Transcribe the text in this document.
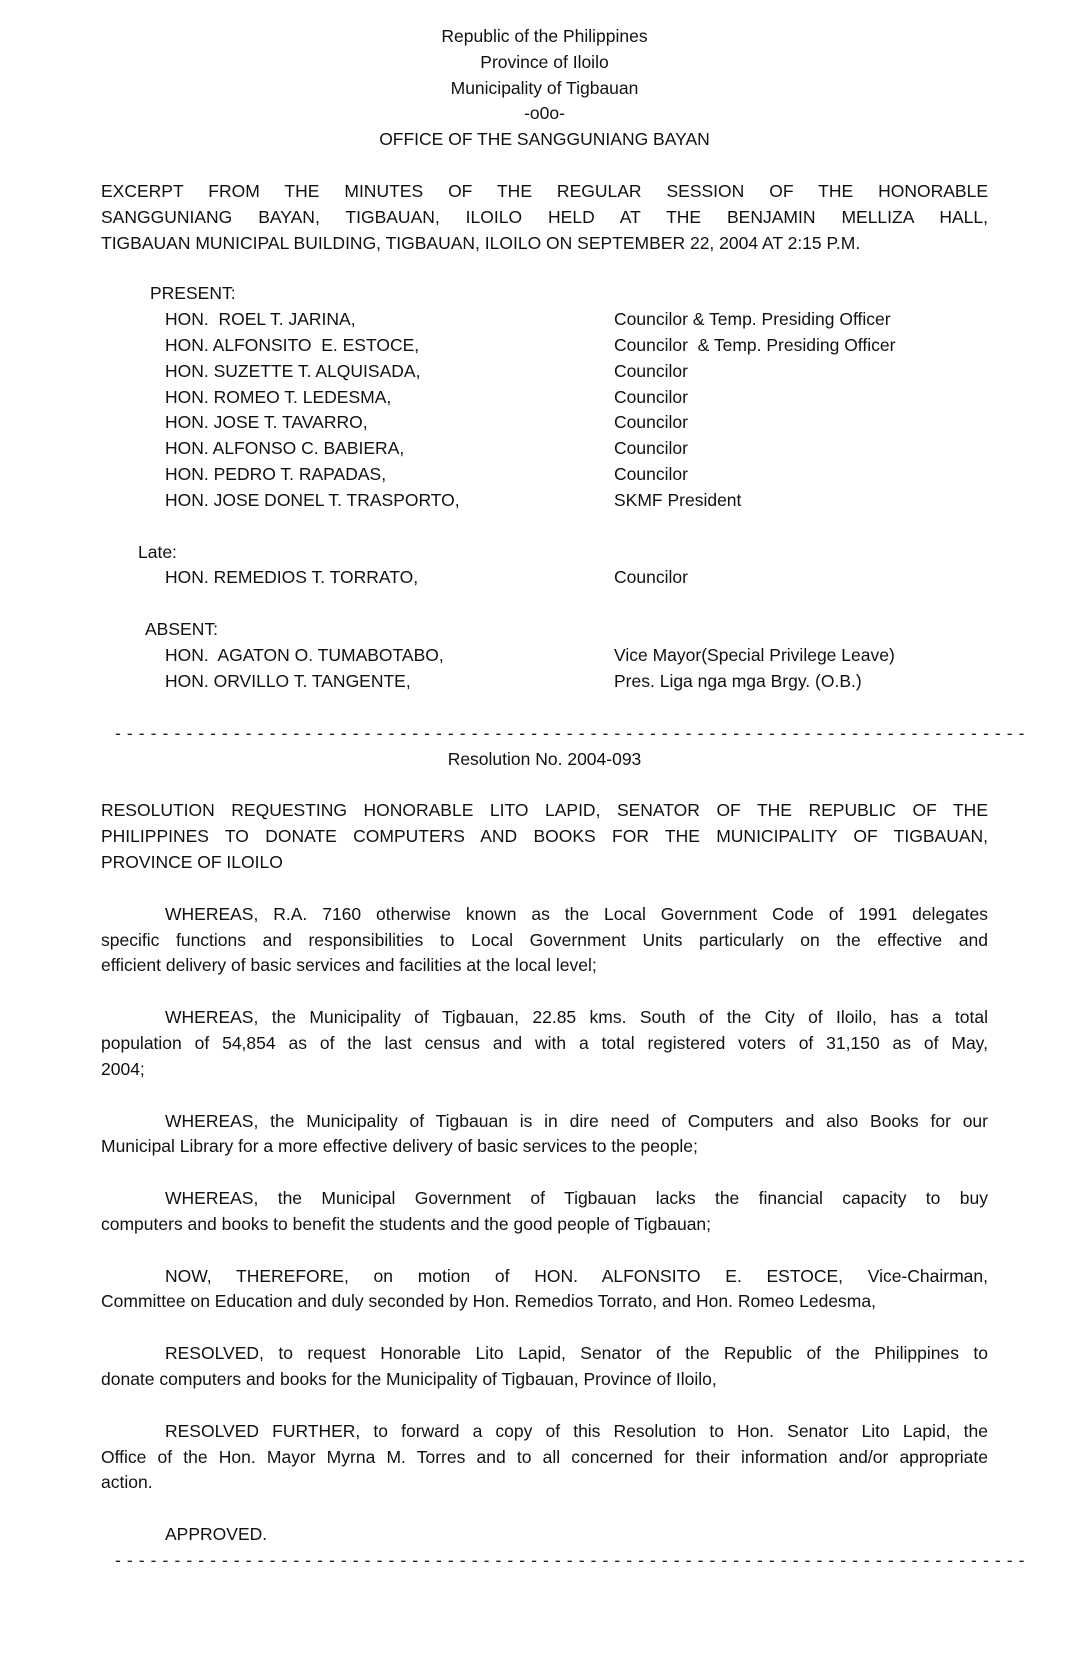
Republic of the Philippines
Province of Iloilo
Municipality of Tigbauan
-o0o-
OFFICE OF THE SANGGUNIANG BAYAN
EXCERPT FROM THE MINUTES OF THE REGULAR SESSION OF THE HONORABLE
SANGGUNIANG BAYAN, TIGBAUAN, ILOILO HELD AT THE BENJAMIN MELLIZA HALL,
TIGBAUAN MUNICIPAL BUILDING, TIGBAUAN, ILOILO ON SEPTEMBER 22, 2004 AT 2:15 P.M.
PRESENT:
HON.  ROEL T. JARINA,	Councilor & Temp. Presiding Officer
HON. ALFONSITO  E. ESTOCE,	Councilor  & Temp. Presiding Officer
HON. SUZETTE T. ALQUISADA,	Councilor
HON. ROMEO T. LEDESMA,	Councilor
HON. JOSE T. TAVARRO,	Councilor
HON. ALFONSO C. BABIERA,	Councilor
HON. PEDRO T. RAPADAS,	Councilor
HON. JOSE DONEL T. TRASPORTO,	SKMF President
Late:
HON. REMEDIOS T. TORRATO,	Councilor
ABSENT:
HON.  AGATON O. TUMABOTABO,	Vice Mayor(Special Privilege Leave)
HON. ORVILLO T. TANGENTE,	Pres. Liga nga mga Brgy. (O.B.)
- - - - - - - - - - - - - - - - - - - - - - - - - - - - - - - - - - - - - - - - - - - - - - - - - - - - - - - - - - - - - - - - - - - - - - - - - - - - -
Resolution No. 2004-093
RESOLUTION REQUESTING HONORABLE LITO LAPID, SENATOR OF THE REPUBLIC OF THE
PHILIPPINES TO DONATE COMPUTERS AND BOOKS FOR THE MUNICIPALITY OF TIGBAUAN,
PROVINCE OF ILOILO
WHEREAS, R.A. 7160 otherwise known as the Local Government Code of 1991 delegates
specific functions and responsibilities to Local Government Units particularly on the effective and
efficient delivery of basic services and facilities at the local level;
WHEREAS, the Municipality of Tigbauan, 22.85 kms. South of the City of Iloilo, has a total
population of 54,854 as of the last census and with a total registered voters of 31,150 as of May,
2004;
WHEREAS, the Municipality of Tigbauan is in dire need of Computers and also Books for our
Municipal Library for a more effective delivery of basic services to the people;
WHEREAS, the Municipal Government of Tigbauan lacks the financial capacity to buy
computers and books to benefit the students and the good people of Tigbauan;
NOW, THEREFORE, on motion of HON. ALFONSITO E. ESTOCE, Vice-Chairman,
Committee on Education and duly seconded by Hon. Remedios Torrato, and Hon. Romeo Ledesma,
RESOLVED, to request Honorable Lito Lapid, Senator of the Republic of the Philippines to
donate computers and books for the Municipality of Tigbauan, Province of Iloilo,
RESOLVED FURTHER, to forward a copy of this Resolution to Hon. Senator Lito Lapid, the
Office of the Hon. Mayor Myrna M. Torres and to all concerned for their information and/or appropriate
action.
APPROVED.
- - - - - - - - - - - - - - - - - - - - - - - - - - - - - - - - - - - - - - - - - - - - - - - - - - - - - - - - - - - - - - - - - - - - - - - - - - - - -
